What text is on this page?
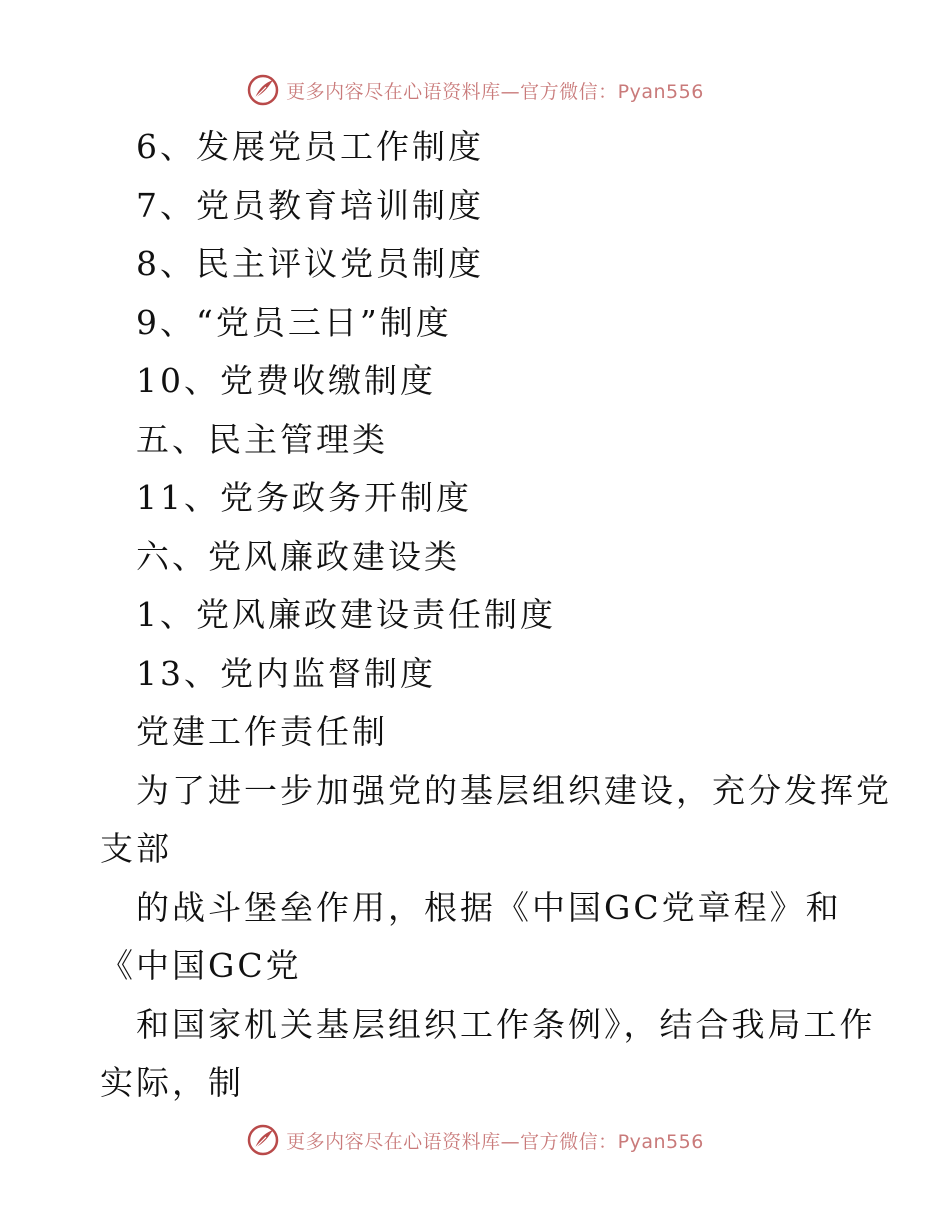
更多内容尽在心语资料库—官方微信：Pyan556
6、发展党员工作制度
7、党员教育培训制度
8、民主评议党员制度
9、“党员三日”制度
10、党费收缴制度
五、民主管理类
11、党务政务开制度
六、党风廉政建设类
1、党风廉政建设责任制度
13、党内监督制度
党建工作责任制
为了进一步加强党的基层组织建设，充分发挥党
支部
的战斗堡垒作用，根据《中国GC党章程》和
《中国GC党
和国家机关基层组织工作条例》，结合我局工作
实际，制
更多内容尽在心语资料库—官方微信：Pyan556
